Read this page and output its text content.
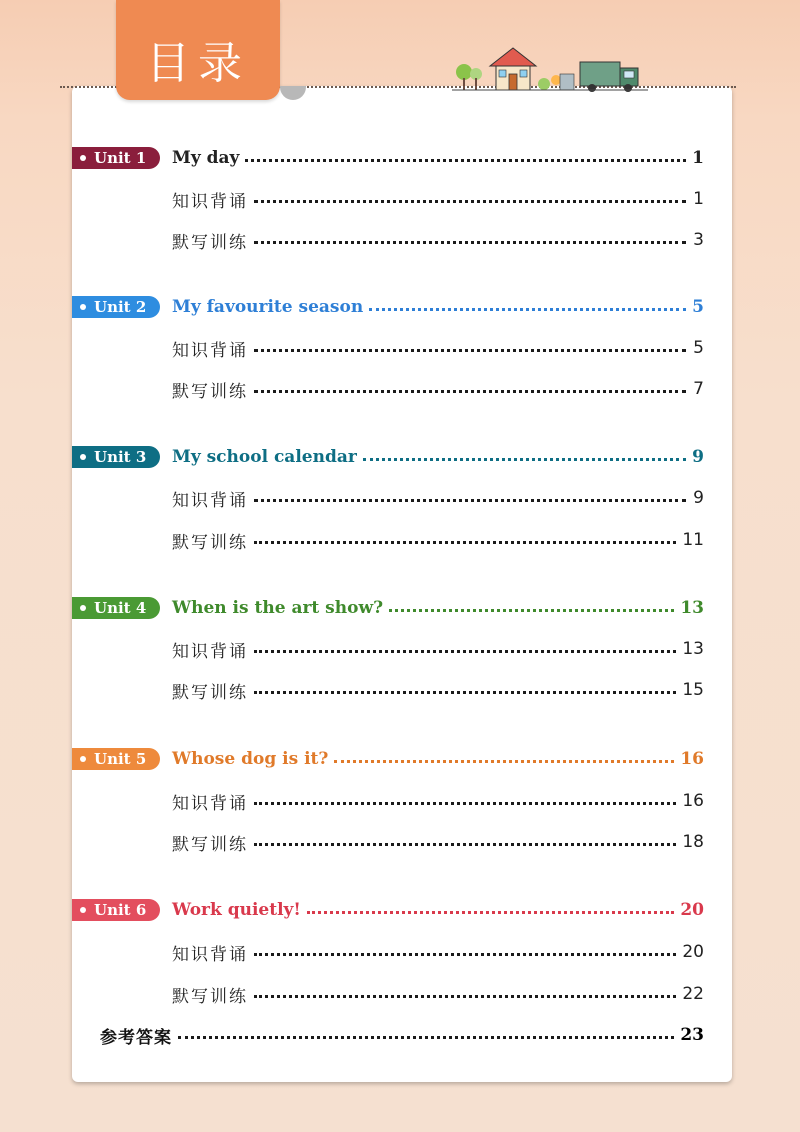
目录
Unit 1 My day	1
知识背诵	1
默写训练	3
Unit 2 My favourite season	5
知识背诵	5
默写训练	7
Unit 3 My school calendar	9
知识背诵	9
默写训练	11
Unit 4 When is the art show?	13
知识背诵	13
默写训练	15
Unit 5 Whose dog is it?	16
知识背诵	16
默写训练	18
Unit 6 Work quietly!	20
知识背诵	20
默写训练	22
参考答案	23
